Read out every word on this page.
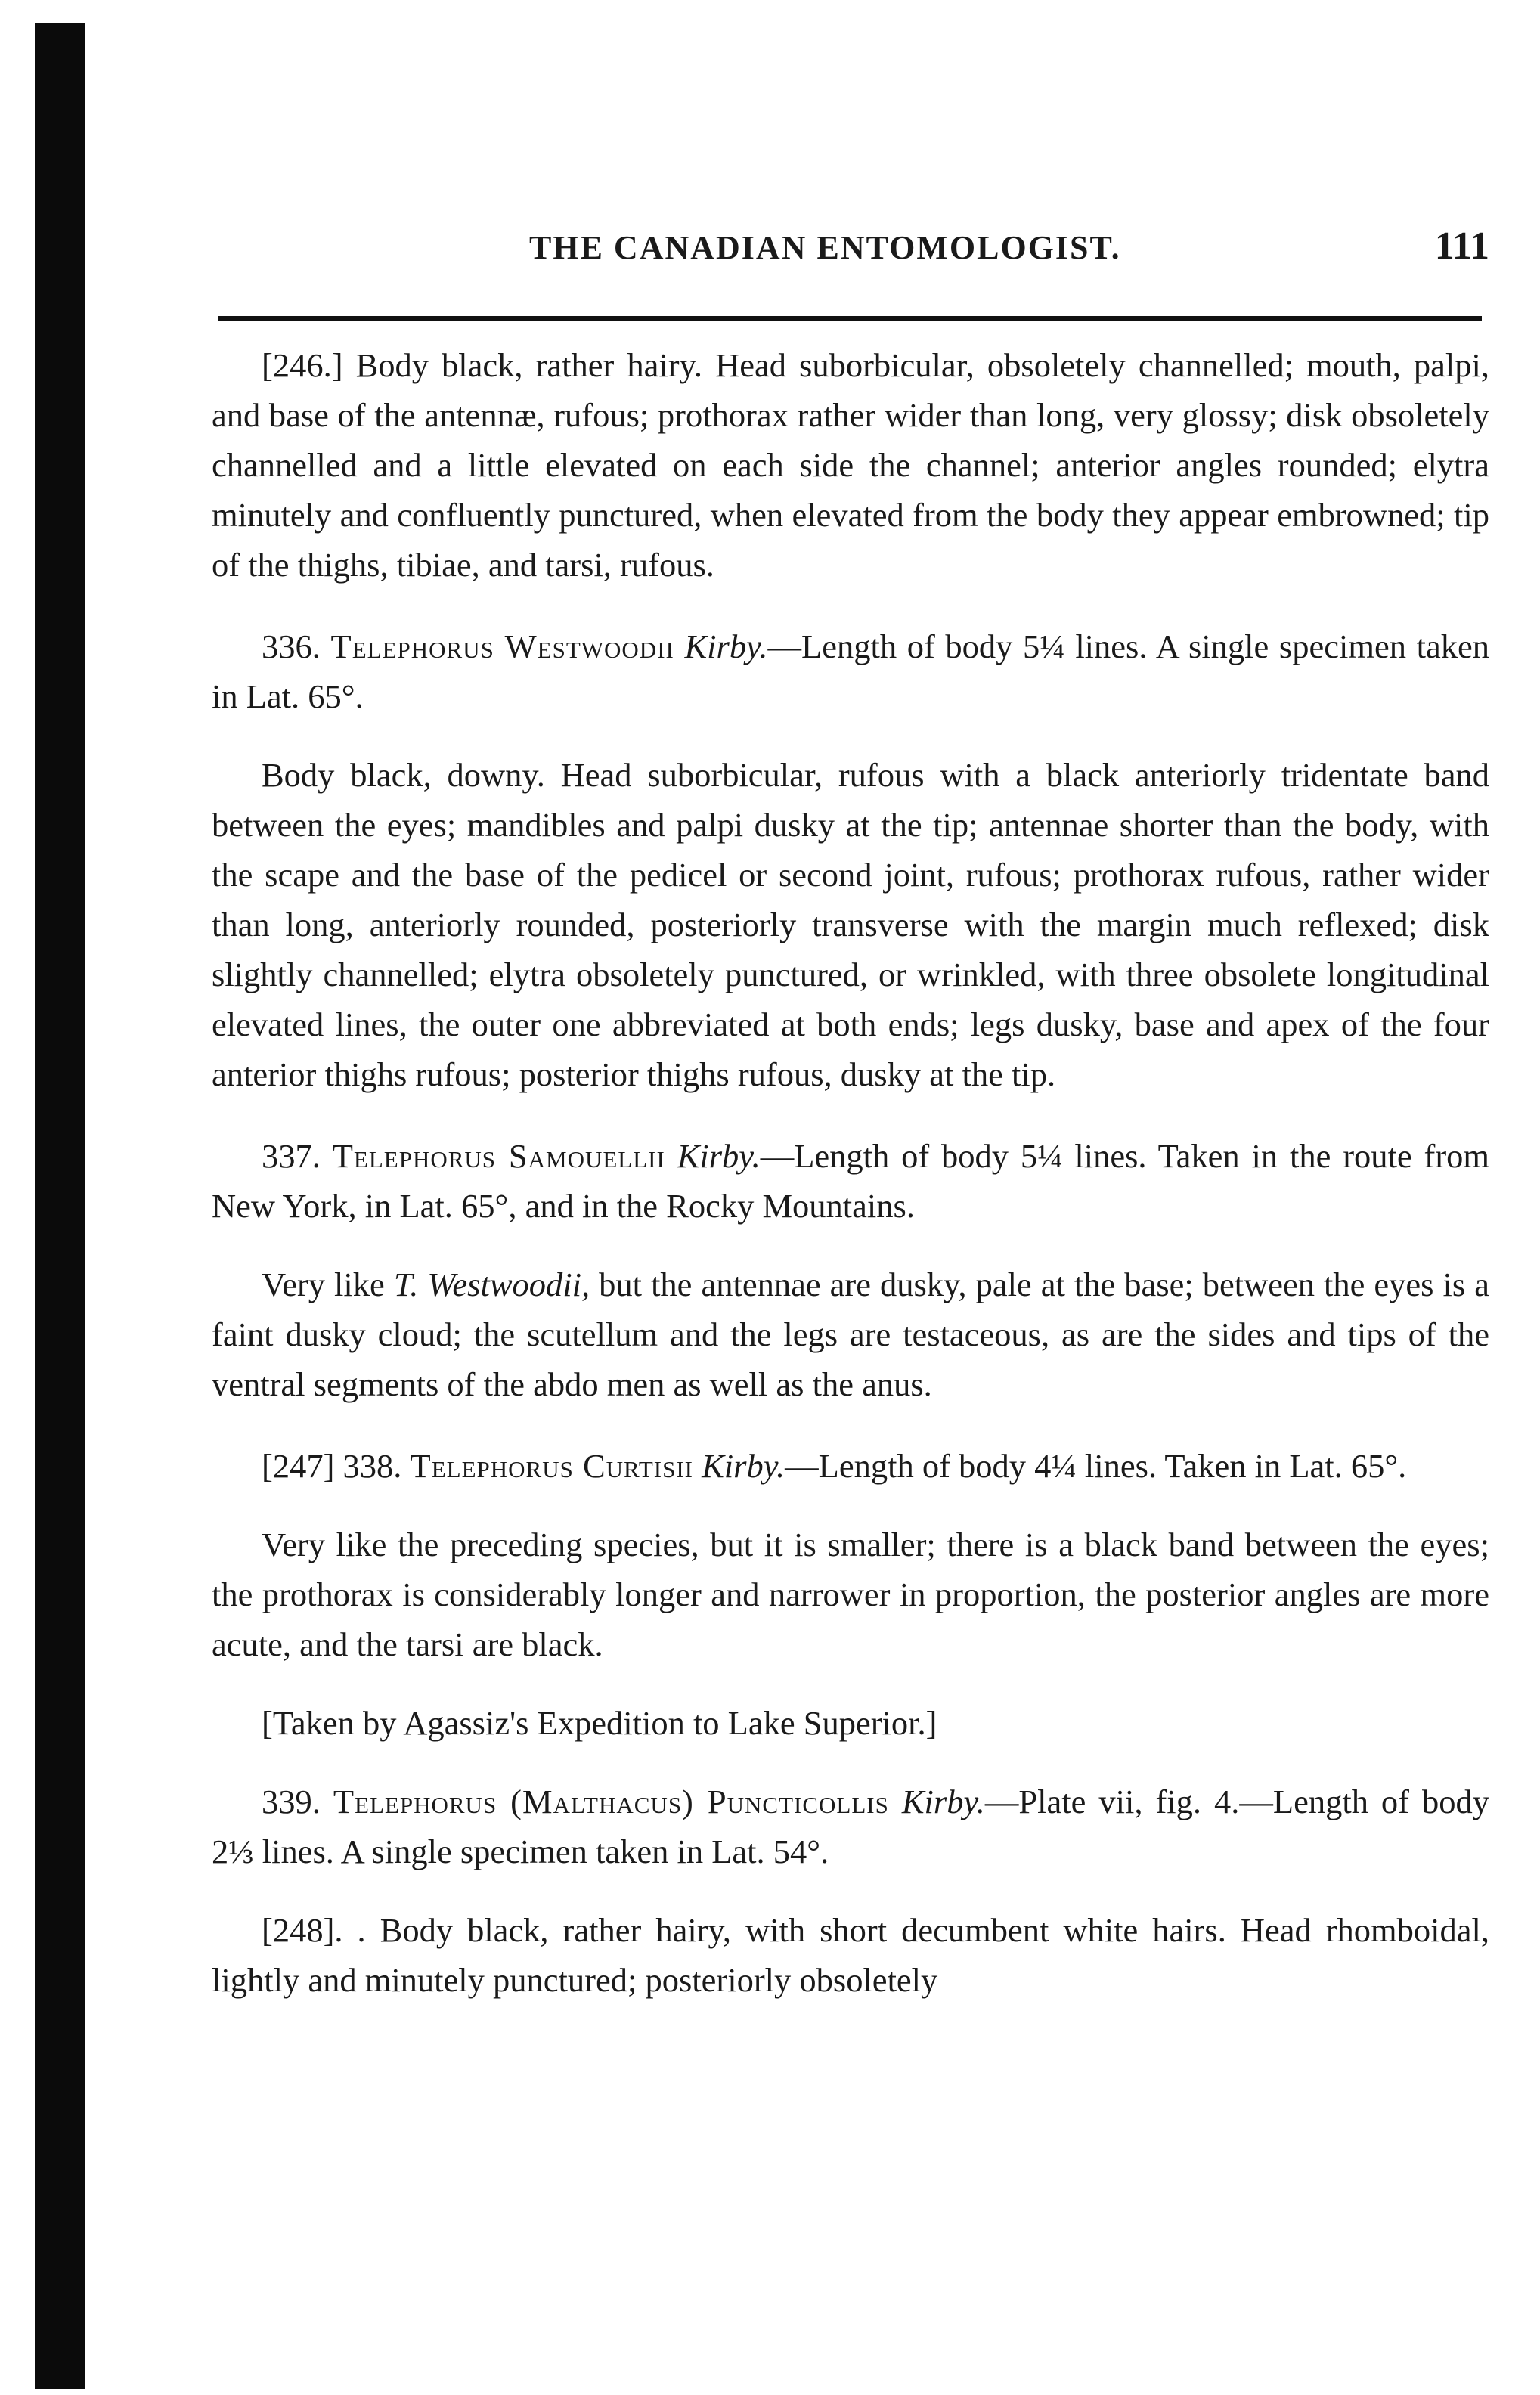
THE CANADIAN ENTOMOLOGIST.	111

[246.] Body black, rather hairy. Head suborbicular, obsoletely channelled; mouth, palpi, and base of the antennæ, rufous; prothorax rather wider than long, very glossy; disk obsoletely channelled and a little elevated on each side the channel; anterior angles rounded; elytra minutely and confluently punctured, when elevated from the body they appear embrowned; tip of the thighs, tibiae, and tarsi, rufous.

336. Telephorus Westwoodii Kirby.—Length of body 5¼ lines. A single specimen taken in Lat. 65°.

Body black, downy. Head suborbicular, rufous with a black anteriorly tridentate band between the eyes; mandibles and palpi dusky at the tip; antennae shorter than the body, with the scape and the base of the pedicel or second joint, rufous; prothorax rufous, rather wider than long, anteriorly rounded, posteriorly transverse with the margin much reflexed; disk slightly channelled; elytra obsoletely punctured, or wrinkled, with three obsolete longitudinal elevated lines, the outer one abbreviated at both ends; legs dusky, base and apex of the four anterior thighs rufous; posterior thighs rufous, dusky at the tip.

337. Telephorus Samouellii Kirby.—Length of body 5¼ lines. Taken in the route from New York, in Lat. 65°, and in the Rocky Mountains.

Very like T. Westwoodii, but the antennae are dusky, pale at the base; between the eyes is a faint dusky cloud; the scutellum and the legs are testaceous, as are the sides and tips of the ventral segments of the abdo men as well as the anus.

[247] 338. Telephorus Curtisii Kirby.—Length of body 4¼ lines. Taken in Lat. 65°.

Very like the preceding species, but it is smaller; there is a black band between the eyes; the prothorax is considerably longer and narrower in proportion, the posterior angles are more acute, and the tarsi are black.

[Taken by Agassiz's Expedition to Lake Superior.]

339. Telephorus (Malthacus) Puncticollis Kirby.—Plate vii, fig. 4.—Length of body 2⅓ lines. A single specimen taken in Lat. 54°.

[248]. . Body black, rather hairy, with short decumbent white hairs. Head rhomboidal, lightly and minutely punctured; posteriorly obsoletely
